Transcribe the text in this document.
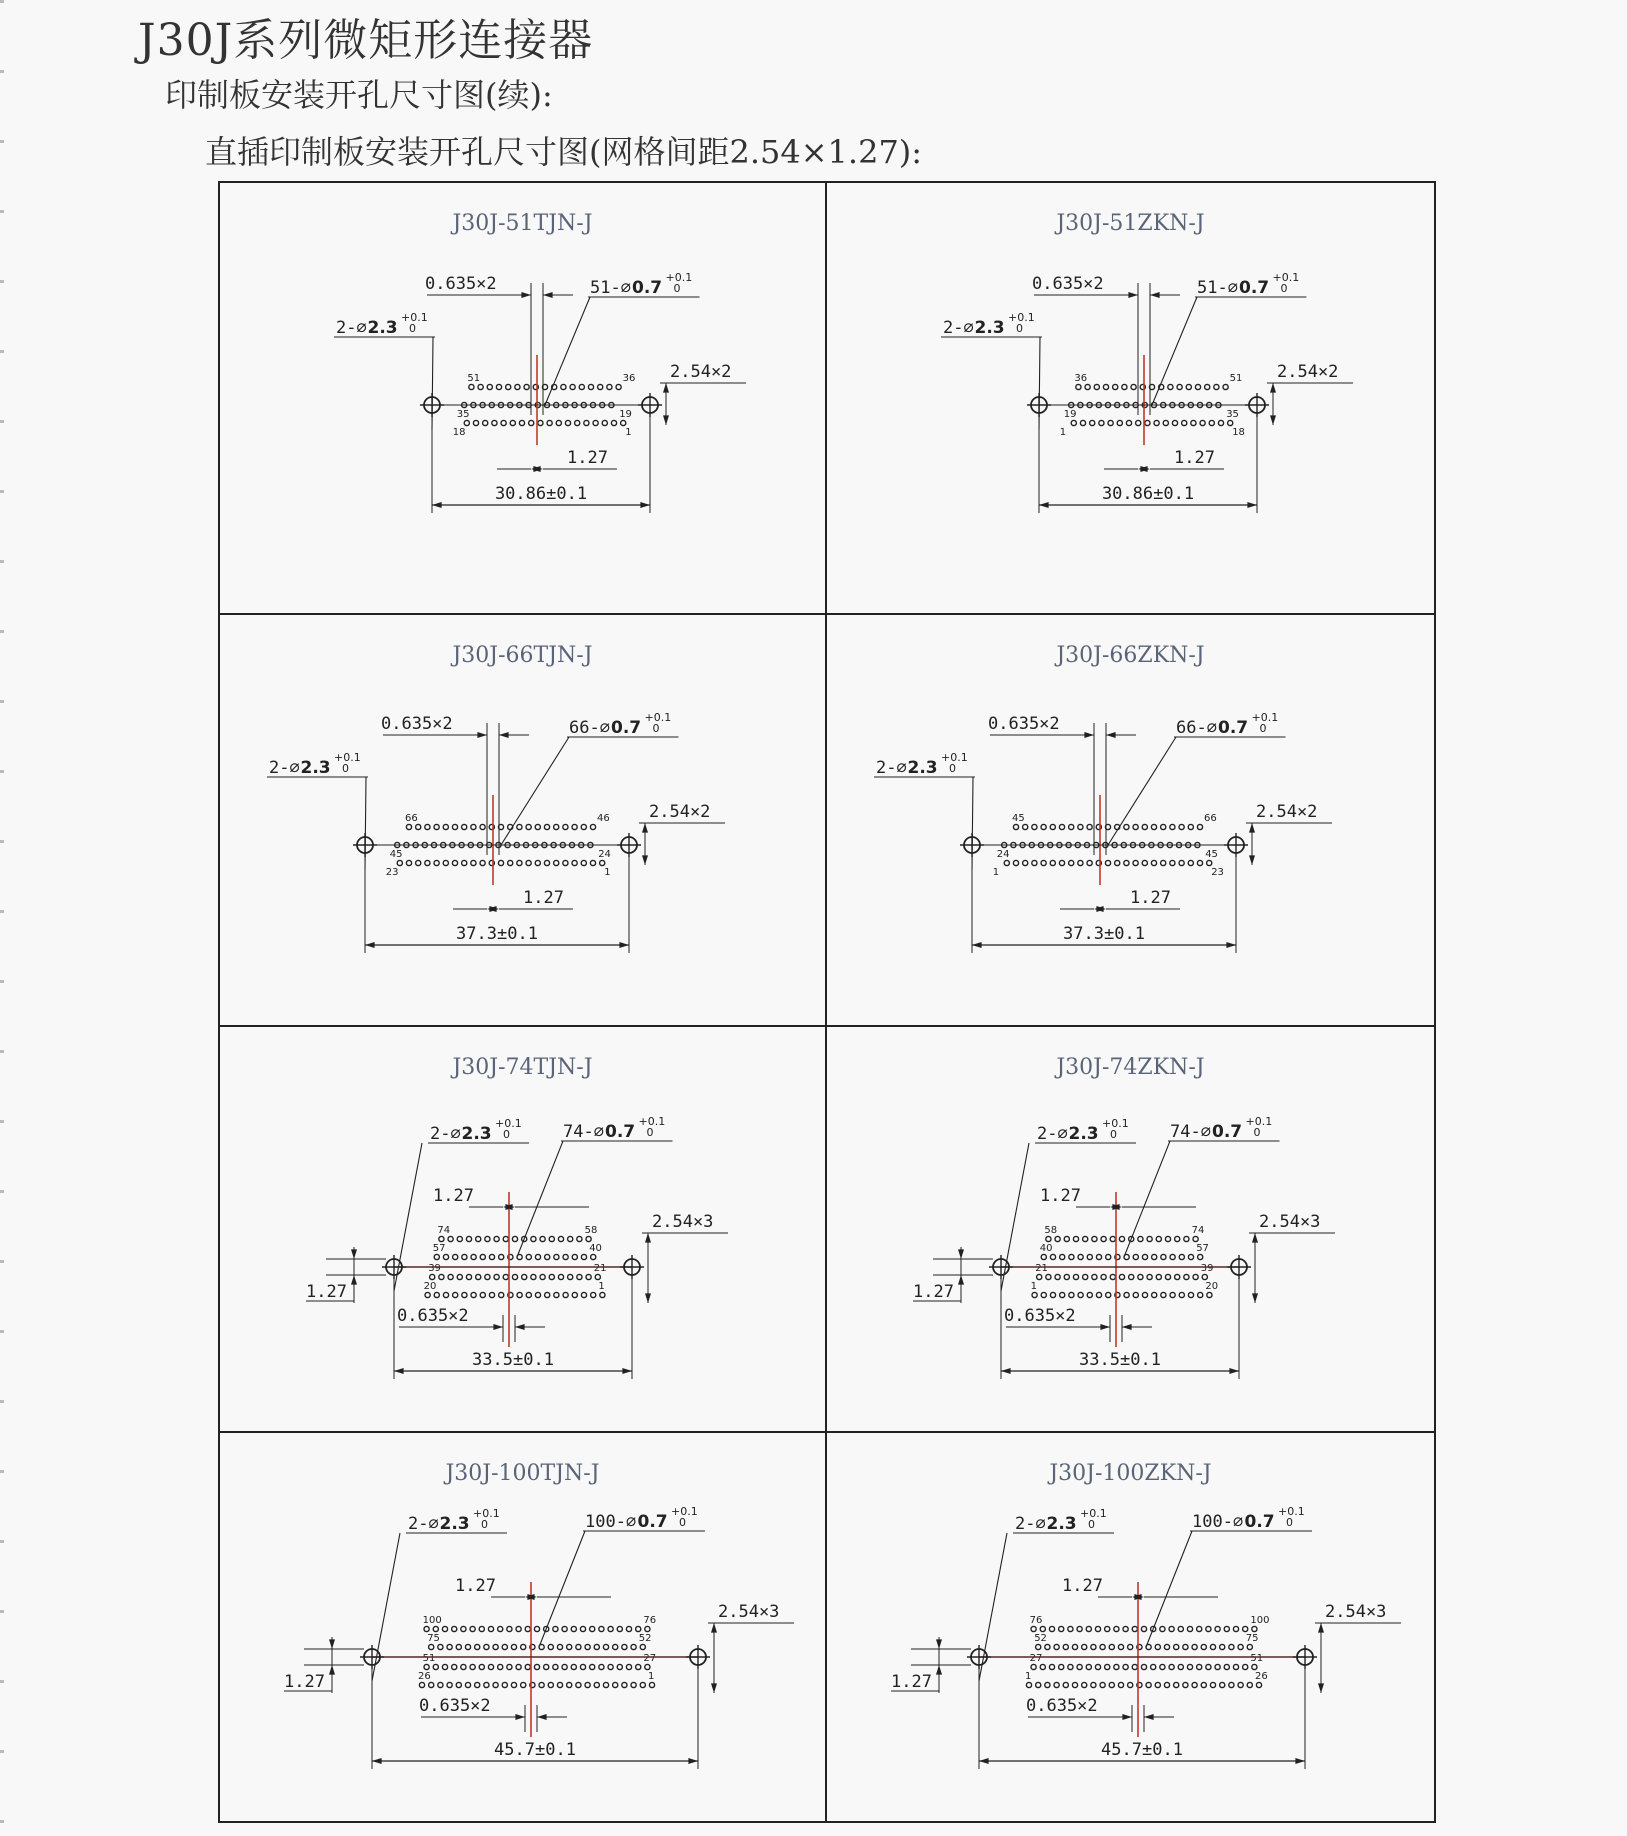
J30J系列微矩形连接器
印制板安装开孔尺寸图(续):
直插印制板安装开孔尺寸图(网格间距2.54×1.27):
J30J-51TJN-J
51	36
35	19
18	1
30.86±0.1
0.635×2
1.27
2.54×2
2-⌀ 2.3
+0.1
0
51-⌀ 0.7
+0.1
0
J30J-51ZKN-J
36	51
19	35
1	18
30.86±0.1
0.635×2
1.27
2.54×2
2-⌀ 2.3
+0.1
0
51-⌀ 0.7
+0.1
0
J30J-66TJN-J
66	46
45	24
23	1
37.3±0.1
0.635×2
1.27
2.54×2
2-⌀ 2.3
+0.1
0
66-⌀ 0.7
+0.1
0
J30J-66ZKN-J
45	66
24	45
1	23
37.3±0.1
0.635×2
1.27
2.54×2
2-⌀ 2.3
+0.1
0
66-⌀ 0.7
+0.1
0
J30J-74TJN-J
74	58
57	40
39	21
20	1
33.5±0.1
0.635×2
1.27
2.54×3
1.27
2-⌀ 2.3
+0.1
0	74-⌀ 0.7
+0.1
0
J30J-74ZKN-J
58	74
40	57
21	39
1	20
33.5±0.1
0.635×2
1.27
2.54×3
1.27
2-⌀ 2.3
+0.1
0	74-⌀ 0.7
+0.1
0
J30J-100TJN-J
100	76
75	52
51	27
26	1
45.7±0.1
0.635×2
1.27
2.54×3
1.27
2-⌀ 2.3
+0.1
0	100-⌀ 0.7
+0.1
0
J30J-100ZKN-J
76	100
52	75
27	51
1	26
45.7±0.1
0.635×2
1.27
2.54×3
1.27
2-⌀ 2.3
+0.1
0	100-⌀ 0.7
+0.1
0
